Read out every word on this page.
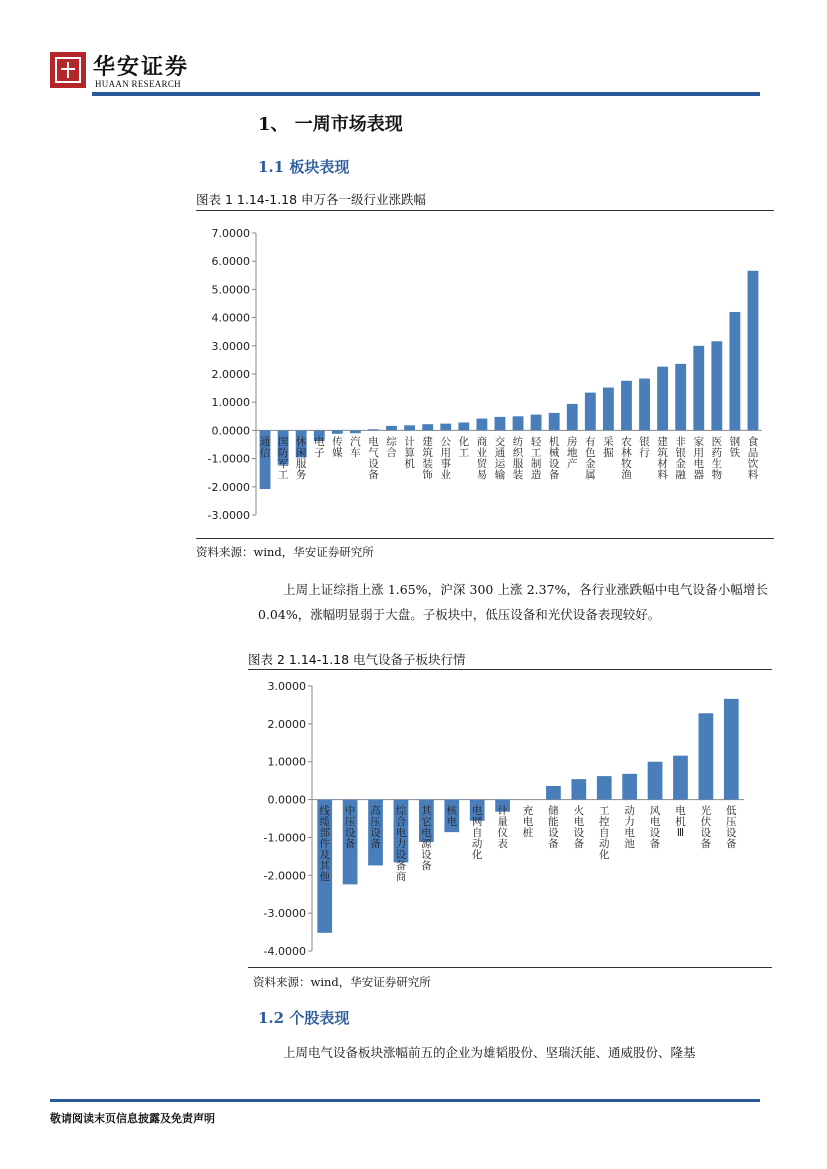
华安证券
HUAAN RESEARCH
1、 一周市场表现
1.1 板块表现
图表 1 1.14-1.18 申万各一级行业涨跌幅
7.0000
6.0000
5.0000
4.0000
3.0000
2.0000
1.0000
0.0000
-1.0000
-2.0000
-3.0000
通信
国防军工
休闲服务
电子
传媒
汽车
电气设备
综合
计算机
建筑装饰
公用事业
化工
商业贸易
交通运输
纺织服装
轻工制造
机械设备
房地产
有色金属
采掘
农林牧渔
银行
建筑材料
非银金融
家用电器
医药生物
钢铁
食品饮料
资料来源：wind，华安证券研究所
上周上证综指上涨 1.65%，沪深 300 上涨 2.37%，各行业涨跌幅中电气设备小幅增长 0.04%，涨幅明显弱于大盘。子板块中，低压设备和光伏设备表现较好。
图表 2 1.14-1.18 电气设备子板块行情
3.0000
2.0000
1.0000
0.0000
-1.0000
-2.0000
-3.0000
-4.0000
线缆部件及其他
中压设备
高压设备
综合电力设备商
其它电源设备
核电
电网自动化
计量仪表
充电桩
储能设备
火电设备
工控自动化
动力电池
风电设备
电机 Ⅲ
光伏设备
低压设备
资料来源：wind，华安证券研究所
1.2 个股表现
上周电气设备板块涨幅前五的企业为雄韬股份、坚瑞沃能、通威股份、隆基
敬请阅读末页信息披露及免责声明
